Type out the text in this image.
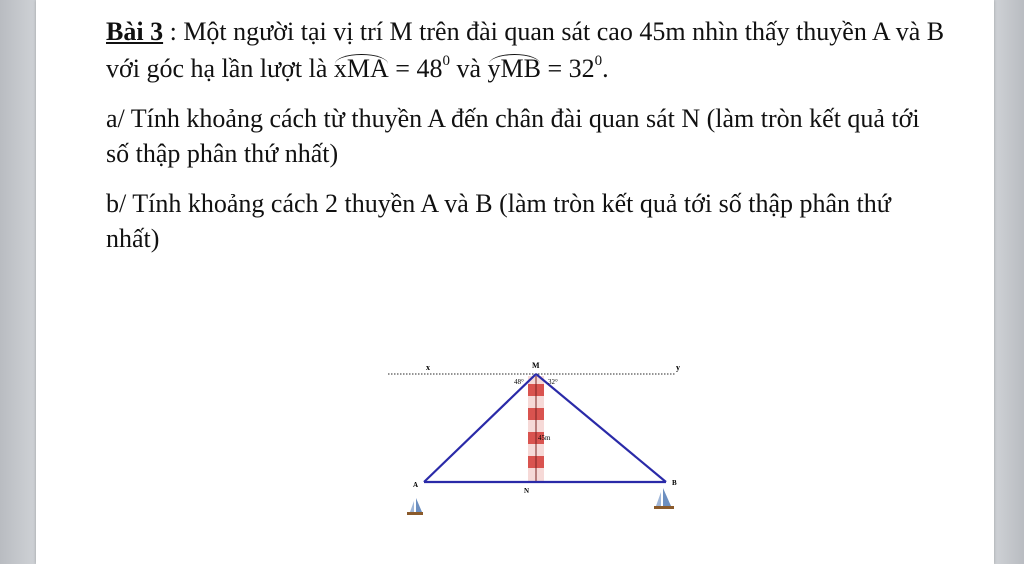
Bài 3 : Một người tại vị trí M trên đài quan sát cao 45m nhìn thấy thuyền A và B với góc hạ lần lượt là xMA = $48^0$ và yMB = $32^0$.

a/ Tính khoảng cách từ thuyền A đến chân đài quan sát N (làm tròn kết quả tới số thập phân thứ nhất)

b/ Tính khoảng cách 2 thuyền A và B (làm tròn kết quả tới số thập phân thứ nhất)

x	y
M
48°	32°
45m
A	B
N
